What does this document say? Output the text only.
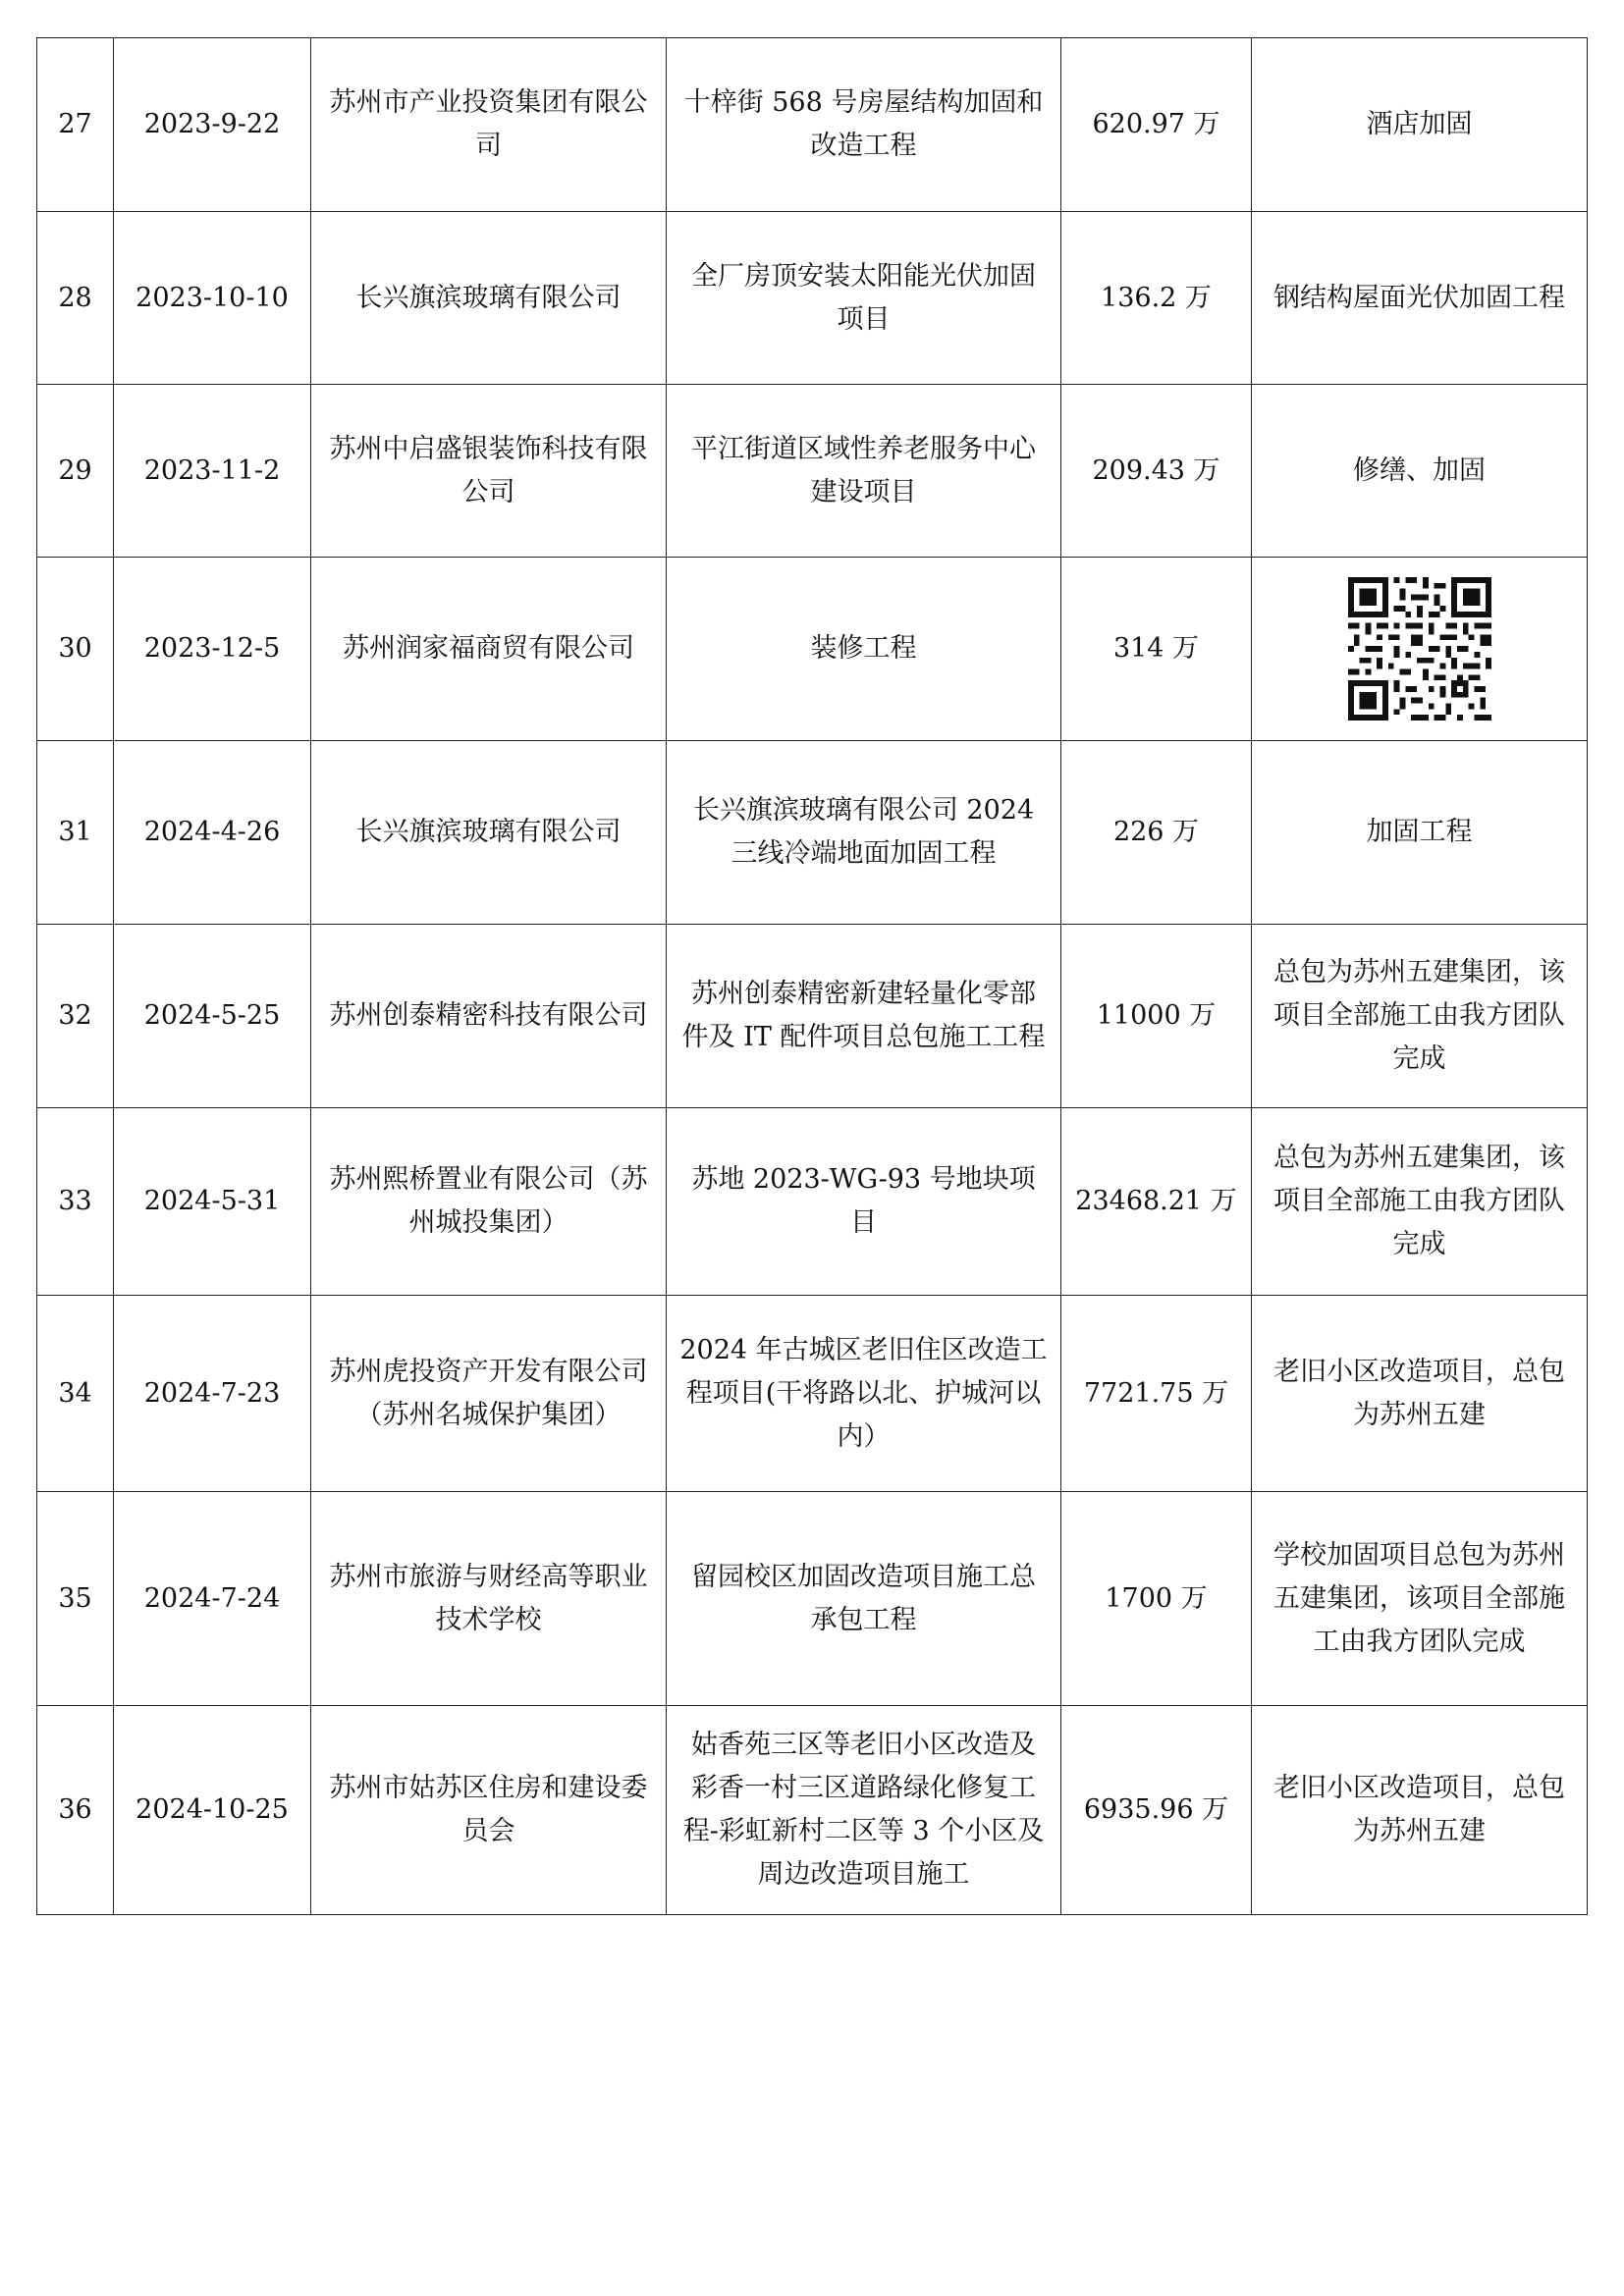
27	2023-9-22	苏州市产业投资集团有限公司	十梓街 568 号房屋结构加固和改造工程	620.97 万	酒店加固
28	2023-10-10	长兴旗滨玻璃有限公司	全厂房顶安装太阳能光伏加固项目	136.2 万	钢结构屋面光伏加固工程
29	2023-11-2	苏州中启盛银装饰科技有限公司	平江街道区域性养老服务中心建设项目	209.43 万	修缮、加固
30	2023-12-5	苏州润家福商贸有限公司	装修工程	314 万	
31	2024-4-26	长兴旗滨玻璃有限公司	长兴旗滨玻璃有限公司 2024 三线冷端地面加固工程	226 万	加固工程
32	2024-5-25	苏州创泰精密科技有限公司	苏州创泰精密新建轻量化零部件及 IT 配件项目总包施工工程	11000 万	总包为苏州五建集团，该项目全部施工由我方团队完成
33	2024-5-31	苏州熙桥置业有限公司（苏州城投集团）	苏地 2023-WG-93 号地块项目	23468.21 万	总包为苏州五建集团，该项目全部施工由我方团队完成
34	2024-7-23	苏州虎投资产开发有限公司（苏州名城保护集团）	2024 年古城区老旧住区改造工程项目(干将路以北、护城河以内）	7721.75 万	老旧小区改造项目，总包为苏州五建
35	2024-7-24	苏州市旅游与财经高等职业技术学校	留园校区加固改造项目施工总承包工程	1700 万	学校加固项目总包为苏州五建集团，该项目全部施工由我方团队完成
36	2024-10-25	苏州市姑苏区住房和建设委员会	姑香苑三区等老旧小区改造及彩香一村三区道路绿化修复工程-彩虹新村二区等 3 个小区及周边改造项目施工	6935.96 万	老旧小区改造项目，总包为苏州五建
